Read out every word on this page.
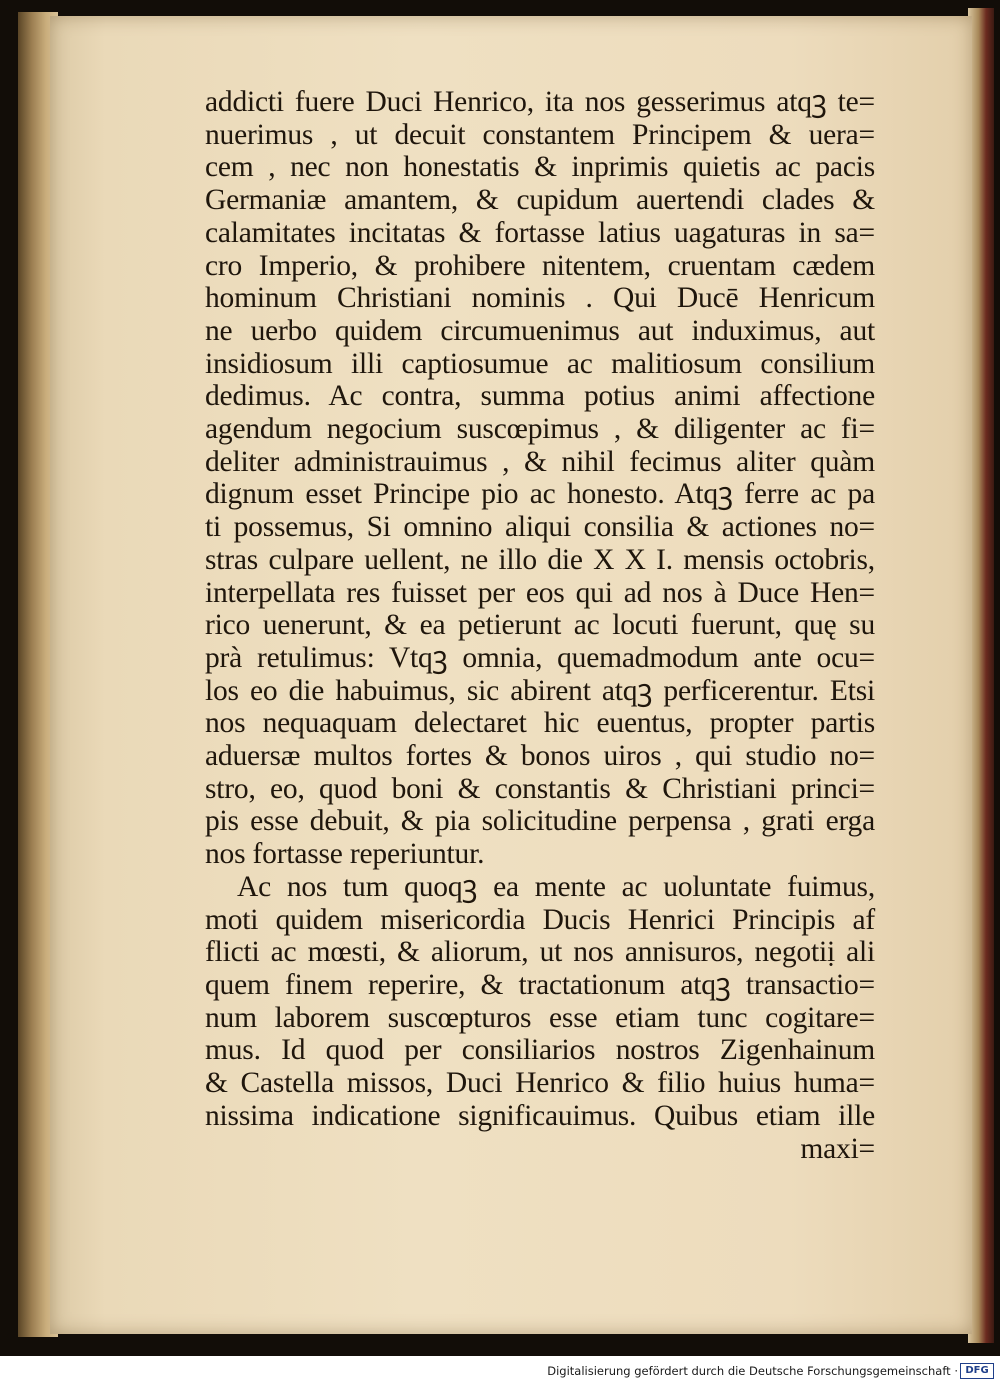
addicti fuere Duci Henrico, ita nos gesserimus atqꝫ te=
nuerimus , ut decuit constantem Principem & uera=
cem , nec non honestatis & inprimis quietis ac pacis
Germaniæ amantem, & cupidum auertendi clades &
calamitates incitatas & fortasse latius uagaturas in sa=
cro Imperio, & prohibere nitentem, cruentam cædem
hominum Christiani nominis . Qui Ducē Henricum
ne uerbo quidem circumuenimus aut induximus, aut
insidiosum illi captiosumue ac malitiosum consilium
dedimus. Ac contra, summa potius animi affectione
agendum negocium suscœpimus , & diligenter ac fi=
deliter administrauimus , & nihil fecimus aliter quàm
dignum esset Principe pio ac honesto. Atqꝫ ferre ac pa
ti possemus, Si omnino aliqui consilia & actiones no=
stras culpare uellent, ne illo die X X I. mensis octobris,
interpellata res fuisset per eos qui ad nos à Duce Hen=
rico uenerunt, & ea petierunt ac locuti fuerunt, quę su
prà retulimus: Vtqꝫ omnia, quemadmodum ante ocu=
los eo die habuimus, sic abirent atqꝫ perficerentur. Etsi
nos nequaquam delectaret hic euentus, propter partis
aduersæ multos fortes & bonos uiros , qui studio no=
stro, eo, quod boni & constantis & Christiani princi=
pis esse debuit, & pia solicitudine perpensa , grati erga
nos fortasse reperiuntur.
Ac nos tum quoqꝫ ea mente ac uoluntate fuimus,
moti quidem misericordia Ducis Henrici Principis af
flicti ac mœsti, & aliorum, ut nos annisuros, negotiị ali
quem finem reperire, & tractationum atqꝫ transactio=
num laborem suscœpturos esse etiam tunc cogitare=
mus. Id quod per consiliarios nostros Zigenhainum
& Castella missos, Duci Henrico & filio huius huma=
nissima indicatione significauimus. Quibus etiam ille
maxi=
Digitalisierung gefördert durch die Deutsche Forschungsgemeinschaft · DFG
